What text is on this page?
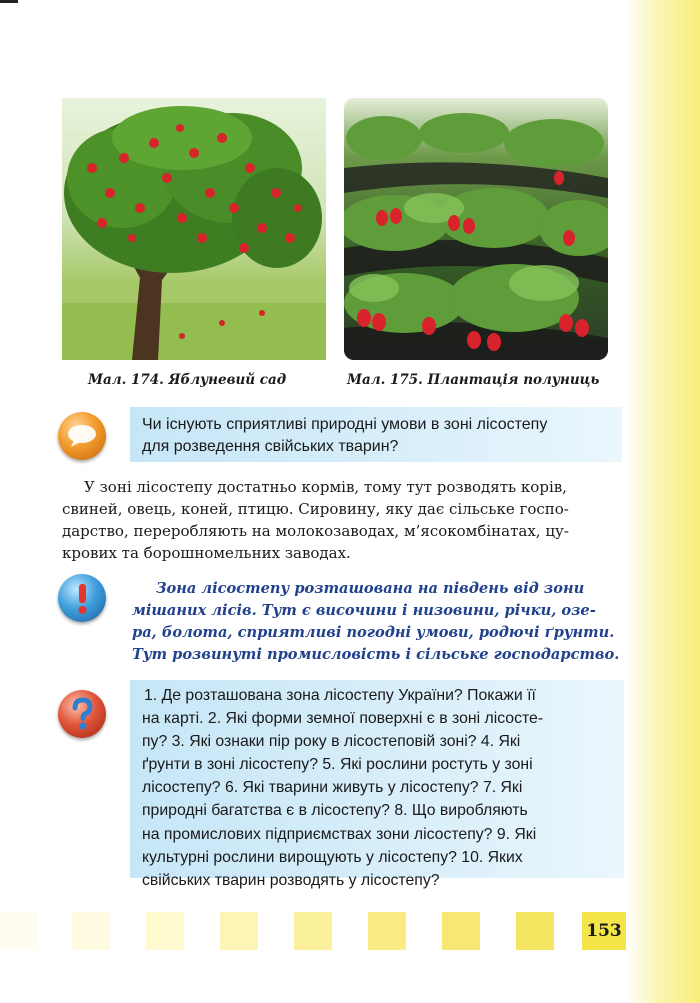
Мал. 174. Яблуневий сад	Мал. 175. Плантація полуниць
Чи існують сприятливі природні умови в зоні лісостепу
для розведення свійських тварин?
У зоні лісостепу достатньо кормів, тому тут розводять корів,
свиней, овець, коней, птицю. Сировину, яку дає сільське госпо-
дарство, переробляють на молокозаводах, м’ясокомбінатах, цу-
крових та борошномельних заводах.
Зона лісостепу розташована на південь від зони
мішаних лісів. Тут є височини і низовини, річки, озе-
ра, болота, сприятливі погодні умови, родючі ґрунти.
Тут розвинуті промисловість і сільське господарство.
1. Де розташована зона лісостепу України? Покажи її
на карті. 2. Які форми земної поверхні є в зоні лісосте-
пу? 3. Які ознаки пір року в лісостеповій зоні? 4. Які
ґрунти в зоні лісостепу? 5. Які рослини ростуть у зоні
лісостепу? 6. Які тварини живуть у лісостепу? 7. Які
природні багатства є в лісостепу? 8. Що виробляють
на промислових підприємствах зони лісостепу? 9. Які
культурні рослини вирощують у лісостепу? 10. Яких
свійських тварин розводять у лісостепу?
153
